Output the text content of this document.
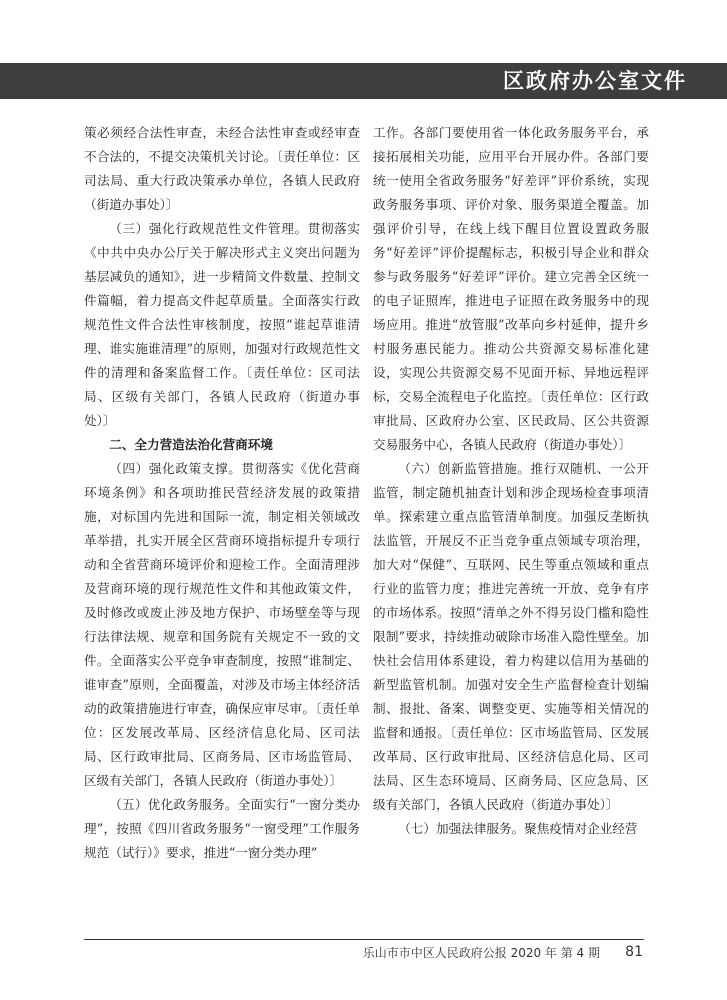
区政府办公室文件

策必须经合法性审查，未经合法性审查或经审查不合法的，不提交决策机关讨论。〔责任单位：区司法局、重大行政决策承办单位，各镇人民政府（街道办事处）〕

（三）强化行政规范性文件管理。贯彻落实《中共中央办公厅关于解决形式主义突出问题为基层减负的通知》，进一步精简文件数量、控制文件篇幅，着力提高文件起草质量。全面落实行政规范性文件合法性审核制度，按照“谁起草谁清理、谁实施谁清理”的原则，加强对行政规范性文件的清理和备案监督工作。〔责任单位：区司法局、区级有关部门，各镇人民政府（街道办事处）〕

二、全力营造法治化营商环境

（四）强化政策支撑。贯彻落实《优化营商环境条例》和各项助推民营经济发展的政策措施，对标国内先进和国际一流，制定相关领域改革举措，扎实开展全区营商环境指标提升专项行动和全省营商环境评价和迎检工作。全面清理涉及营商环境的现行规范性文件和其他政策文件，及时修改或废止涉及地方保护、市场壁垒等与现行法律法规、规章和国务院有关规定不一致的文件。全面落实公平竞争审查制度，按照“谁制定、谁审查”原则，全面覆盖，对涉及市场主体经济活动的政策措施进行审查，确保应审尽审。〔责任单位：区发展改革局、区经济信息化局、区司法局、区行政审批局、区商务局、区市场监管局、区级有关部门，各镇人民政府（街道办事处）〕

（五）优化政务服务。全面实行“一窗分类办理”，按照《四川省政务服务“一窗受理”工作服务规范（试行）》要求，推进“一窗分类办理”

工作。各部门要使用省一体化政务服务平台，承接拓展相关功能，应用平台开展办件。各部门要统一使用全省政务服务“好差评”评价系统，实现政务服务事项、评价对象、服务渠道全覆盖。加强评价引导，在线上线下醒目位置设置政务服务“好差评”评价提醒标志，积极引导企业和群众参与政务服务“好差评”评价。建立完善全区统一的电子证照库，推进电子证照在政务服务中的现场应用。推进“放管服”改革向乡村延伸，提升乡村服务惠民能力。推动公共资源交易标准化建设，实现公共资源交易不见面开标、异地远程评标，交易全流程电子化监控。〔责任单位：区行政审批局、区政府办公室、区民政局、区公共资源交易服务中心，各镇人民政府（街道办事处）〕

（六）创新监管措施。推行双随机、一公开监管，制定随机抽查计划和涉企现场检查事项清单。探索建立重点监管清单制度。加强反垄断执法监管，开展反不正当竞争重点领域专项治理，加大对“保健”、互联网、民生等重点领域和重点行业的监管力度；推进完善统一开放、竞争有序的市场体系。按照“清单之外不得另设门槛和隐性限制”要求，持续推动破除市场准入隐性壁垒。加快社会信用体系建设，着力构建以信用为基础的新型监管机制。加强对安全生产监督检查计划编制、报批、备案、调整变更、实施等相关情况的监督和通报。〔责任单位：区市场监管局、区发展改革局、区行政审批局、区经济信息化局、区司法局、区生态环境局、区商务局、区应急局、区级有关部门，各镇人民政府（街道办事处）〕

（七）加强法律服务。聚焦疫情对企业经营

乐山市市中区人民政府公报 2020 年 第 4 期 81
